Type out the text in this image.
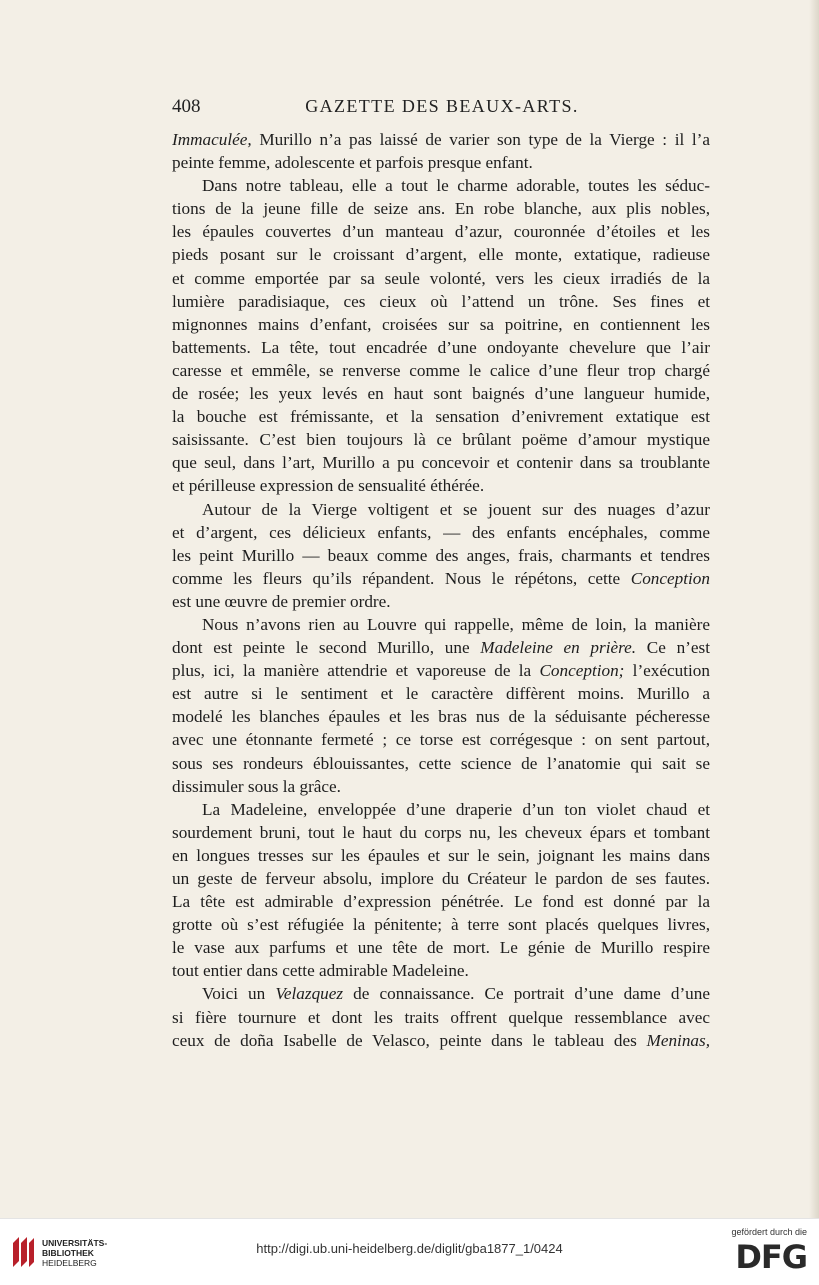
408	GAZETTE DES BEAUX-ARTS.
Immaculée, Murillo n’a pas laissé de varier son type de la Vierge : il l’a
peinte femme, adolescente et parfois presque enfant.
Dans notre tableau, elle a tout le charme adorable, toutes les séduc-
tions de la jeune fille de seize ans. En robe blanche, aux plis nobles,
les épaules couvertes d’un manteau d’azur, couronnée d’étoiles et les
pieds posant sur le croissant d’argent, elle monte, extatique, radieuse
et comme emportée par sa seule volonté, vers les cieux irradiés de la
lumière paradisiaque, ces cieux où l’attend un trône. Ses fines et
mignonnes mains d’enfant, croisées sur sa poitrine, en contiennent les
battements. La tête, tout encadrée d’une ondoyante chevelure que l’air
caresse et emmêle, se renverse comme le calice d’une fleur trop chargé
de rosée; les yeux levés en haut sont baignés d’une langueur humide,
la bouche est frémissante, et la sensation d’enivrement extatique est
saisissante. C’est bien toujours là ce brûlant poëme d’amour mystique
que seul, dans l’art, Murillo a pu concevoir et contenir dans sa troublante
et périlleuse expression de sensualité éthérée.
Autour de la Vierge voltigent et se jouent sur des nuages d’azur
et d’argent, ces délicieux enfants, — des enfants encéphales, comme
les peint Murillo — beaux comme des anges, frais, charmants et tendres
comme les fleurs qu’ils répandent. Nous le répétons, cette Conception
est une œuvre de premier ordre.
Nous n’avons rien au Louvre qui rappelle, même de loin, la manière
dont est peinte le second Murillo, une Madeleine en prière. Ce n’est
plus, ici, la manière attendrie et vaporeuse de la Conception; l’exécution
est autre si le sentiment et le caractère diffèrent moins. Murillo a
modelé les blanches épaules et les bras nus de la séduisante pécheresse
avec une étonnante fermeté ; ce torse est corrégesque : on sent partout,
sous ses rondeurs éblouissantes, cette science de l’anatomie qui sait se
dissimuler sous la grâce.
La Madeleine, enveloppée d’une draperie d’un ton violet chaud et
sourdement bruni, tout le haut du corps nu, les cheveux épars et tombant
en longues tresses sur les épaules et sur le sein, joignant les mains dans
un geste de ferveur absolu, implore du Créateur le pardon de ses fautes.
La tête est admirable d’expression pénétrée. Le fond est donné par la
grotte où s’est réfugiée la pénitente; à terre sont placés quelques livres,
le vase aux parfums et une tête de mort. Le génie de Murillo respire
tout entier dans cette admirable Madeleine.
Voici un Velazquez de connaissance. Ce portrait d’une dame d’une
si fière tournure et dont les traits offrent quelque ressemblance avec
ceux de doña Isabelle de Velasco, peinte dans le tableau des Meninas,
UNIVERSITÄTS-
BIBLIOTHEK
HEIDELBERG
http://digi.ub.uni-heidelberg.de/diglit/gba1877_1/0424
gefördert durch die
DFG
